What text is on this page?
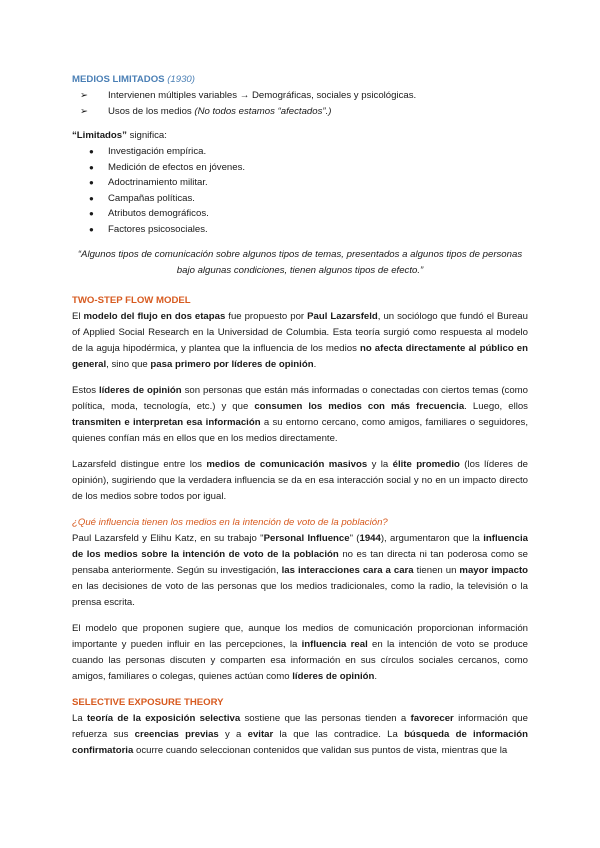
MEDIOS LIMITADOS (1930)
➢ Intervienen múltiples variables → Demográficas, sociales y psicológicas.
➢ Usos de los medios (No todos estamos “afectados”.)
“Limitados” significa:
● Investigación empírica.
● Medición de efectos en jóvenes.
● Adoctrinamiento militar.
● Campañas políticas.
● Atributos demográficos.
● Factores psicosociales.

“Algunos tipos de comunicación sobre algunos tipos de temas, presentados a algunos tipos de personas bajo algunas condiciones, tienen algunos tipos de efecto.”

TWO-STEP FLOW MODEL

El modelo del flujo en dos etapas fue propuesto por Paul Lazarsfeld, un sociólogo que fundó el Bureau of Applied Social Research en la Universidad de Columbia. Esta teoría surgió como respuesta al modelo de la aguja hipodérmica, y plantea que la influencia de los medios no afecta directamente al público en general, sino que pasa primero por líderes de opinión.

Estos líderes de opinión son personas que están más informadas o conectadas con ciertos temas (como política, moda, tecnología, etc.) y que consumen los medios con más frecuencia. Luego, ellos transmiten e interpretan esa información a su entorno cercano, como amigos, familiares o seguidores, quienes confían más en ellos que en los medios directamente.

Lazarsfeld distingue entre los medios de comunicación masivos y la élite promedio (los líderes de opinión), sugiriendo que la verdadera influencia se da en esa interacción social y no en un impacto directo de los medios sobre todos por igual.

¿Qué influencia tienen los medios en la intención de voto de la población?

Paul Lazarsfeld y Elihu Katz, en su trabajo "Personal Influence" (1944), argumentaron que la influencia de los medios sobre la intención de voto de la población no es tan directa ni tan poderosa como se pensaba anteriormente. Según su investigación, las interacciones cara a cara tienen un mayor impacto en las decisiones de voto de las personas que los medios tradicionales, como la radio, la televisión o la prensa escrita.

El modelo que proponen sugiere que, aunque los medios de comunicación proporcionan información importante y pueden influir en las percepciones, la influencia real en la intención de voto se produce cuando las personas discuten y comparten esa información en sus círculos sociales cercanos, como amigos, familiares o colegas, quienes actúan como líderes de opinión.

SELECTIVE EXPOSURE THEORY

La teoría de la exposición selectiva sostiene que las personas tienden a favorecer información que refuerza sus creencias previas y a evitar la que las contradice. La búsqueda de información confirmatoria ocurre cuando seleccionan contenidos que validan sus puntos de vista, mientras que la
